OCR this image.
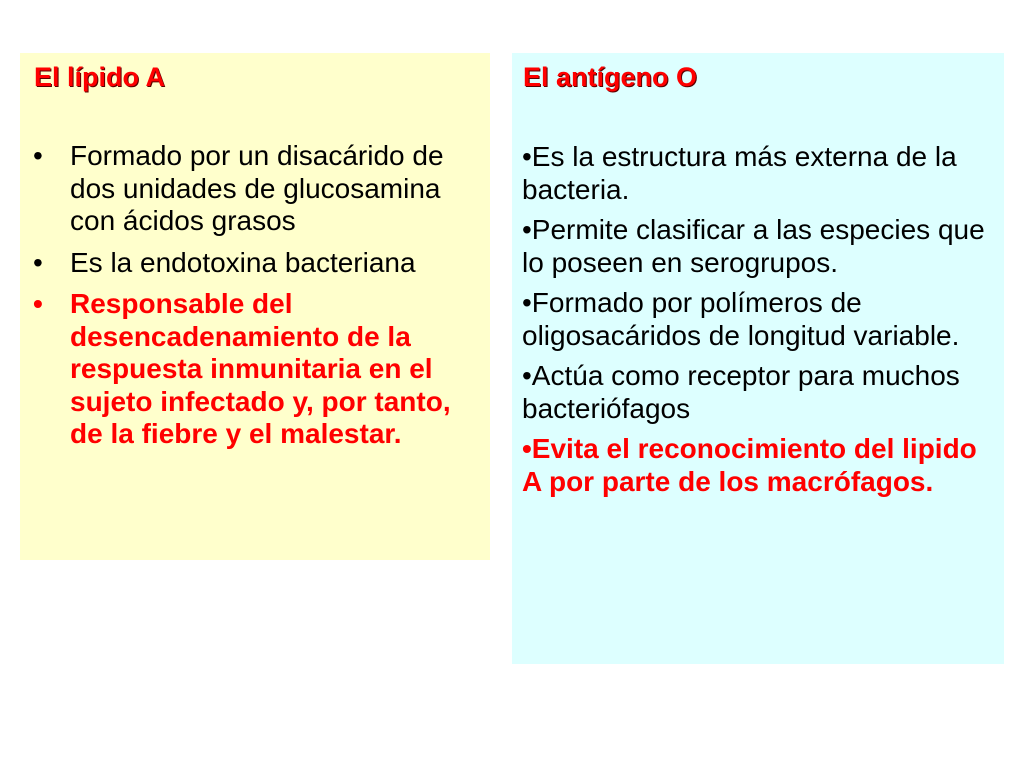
El lípido A
• Formado por un disacárido de dos unidades de glucosamina con ácidos grasos
• Es la endotoxina bacteriana
• Responsable del desencadenamiento de la respuesta inmunitaria en el sujeto infectado y, por tanto, de la fiebre y el malestar.
El antígeno O

•Es la estructura más externa de la bacteria.

•Permite clasificar a las especies que lo poseen en serogrupos.

•Formado por polímeros de oligosacáridos de longitud variable.

•Actúa como receptor para muchos bacteriófagos

•Evita el reconocimiento del lipido A por parte de los macrófagos.
